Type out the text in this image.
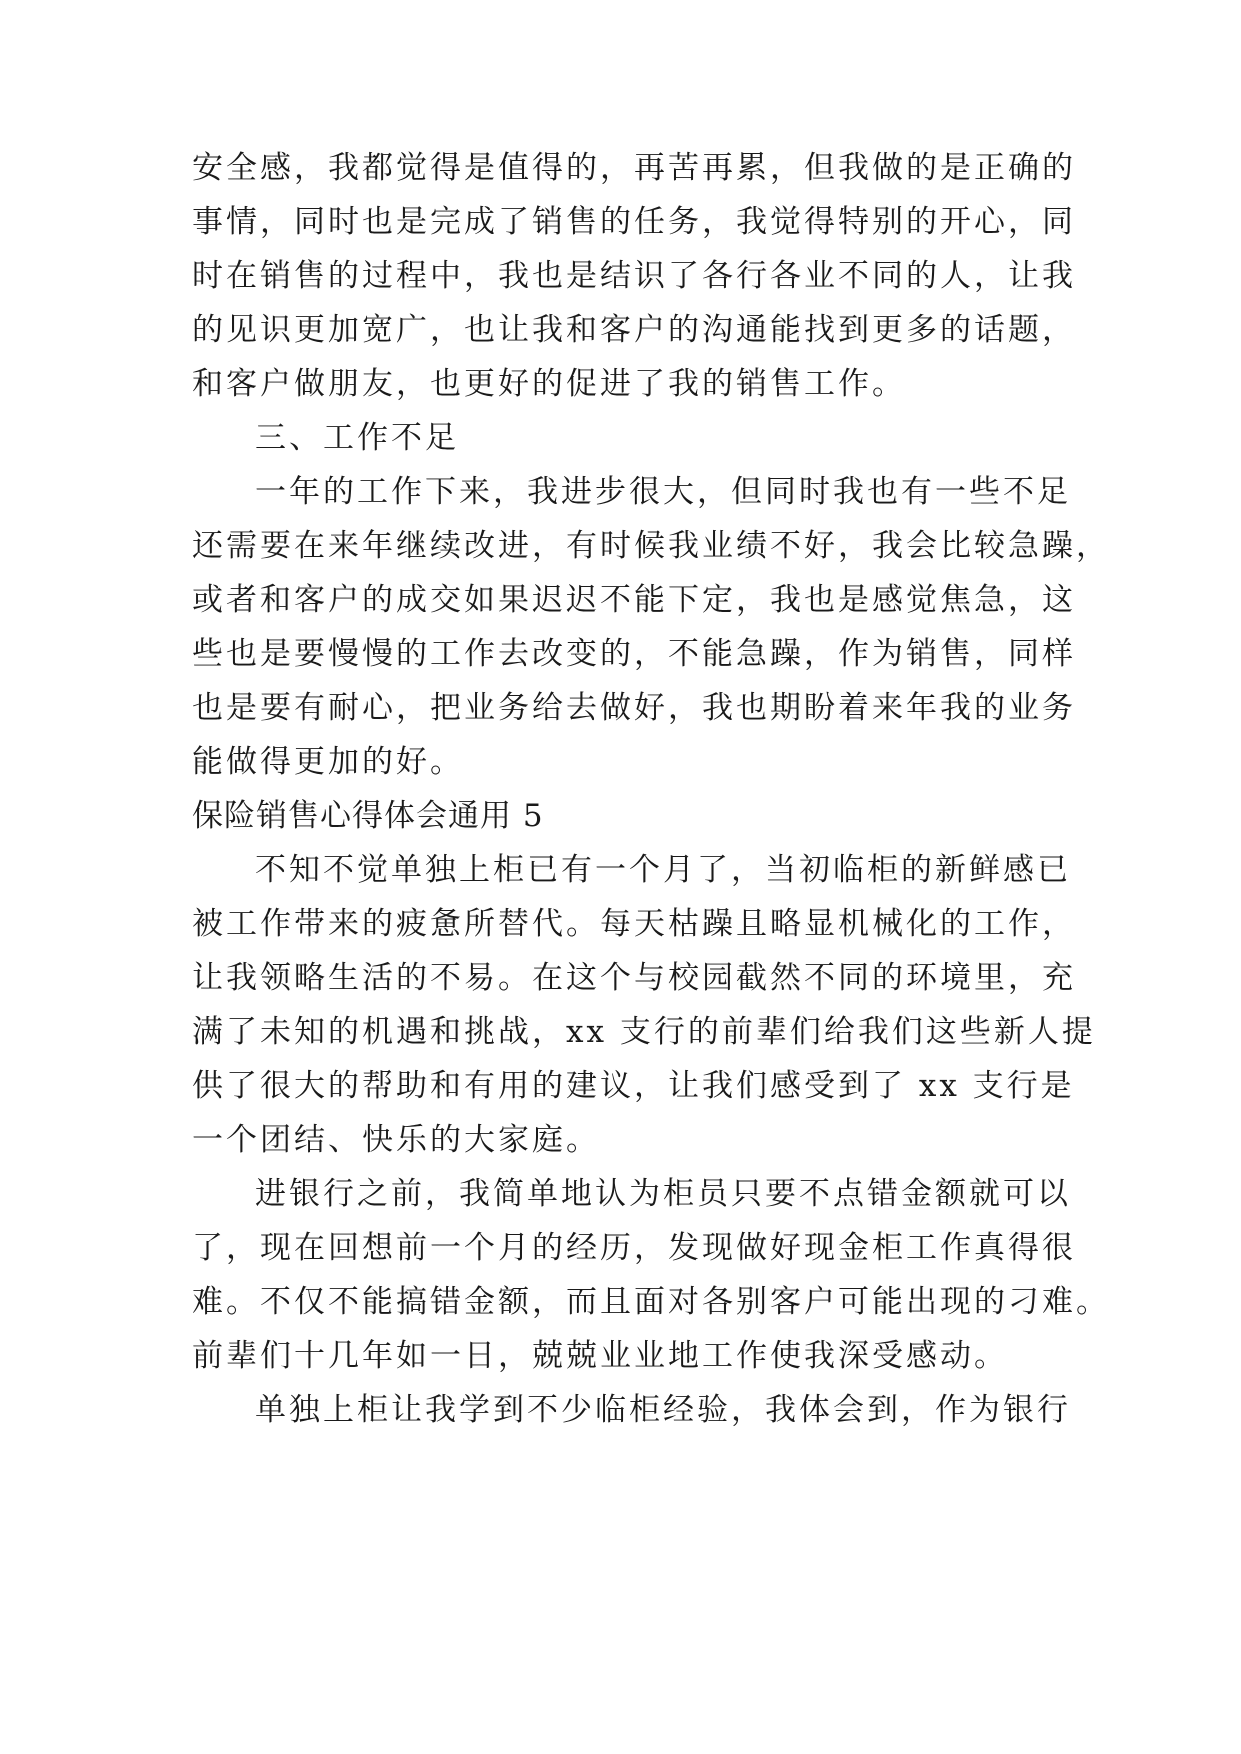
安全感，我都觉得是值得的，再苦再累，但我做的是正确的
事情，同时也是完成了销售的任务，我觉得特别的开心，同
时在销售的过程中，我也是结识了各行各业不同的人，让我
的见识更加宽广，也让我和客户的沟通能找到更多的话题，
和客户做朋友，也更好的促进了我的销售工作。
三、工作不足
一年的工作下来，我进步很大，但同时我也有一些不足
还需要在来年继续改进，有时候我业绩不好，我会比较急躁，
或者和客户的成交如果迟迟不能下定，我也是感觉焦急，这
些也是要慢慢的工作去改变的，不能急躁，作为销售，同样
也是要有耐心，把业务给去做好，我也期盼着来年我的业务
能做得更加的好。
保险销售心得体会通用 5
不知不觉单独上柜已有一个月了，当初临柜的新鲜感已
被工作带来的疲惫所替代。每天枯躁且略显机械化的工作，
让我领略生活的不易。在这个与校园截然不同的环境里，充
满了未知的机遇和挑战，xx 支行的前辈们给我们这些新人提
供了很大的帮助和有用的建议，让我们感受到了 xx 支行是
一个团结、快乐的大家庭。
进银行之前，我简单地认为柜员只要不点错金额就可以
了，现在回想前一个月的经历，发现做好现金柜工作真得很
难。不仅不能搞错金额，而且面对各别客户可能出现的刁难。
前辈们十几年如一日，兢兢业业地工作使我深受感动。
单独上柜让我学到不少临柜经验，我体会到，作为银行
